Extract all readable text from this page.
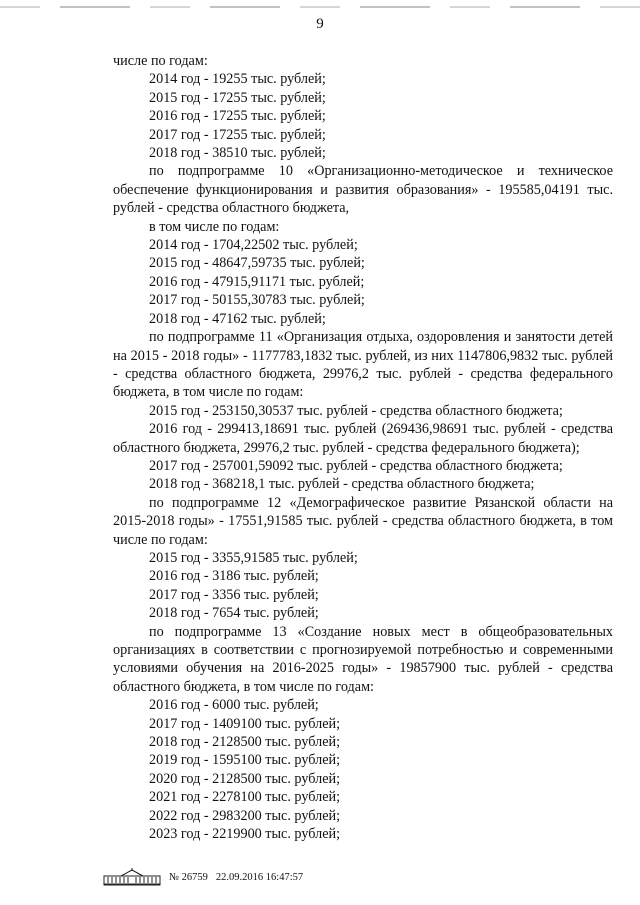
9

числе по годам:

2014 год - 19255 тыс. рублей;

2015 год - 17255 тыс. рублей;

2016 год - 17255 тыс. рублей;

2017 год - 17255 тыс. рублей;

2018 год - 38510 тыс. рублей;

по подпрограмме 10 «Организационно-методическое и техническое обеспечение функционирования и развития образования» - 195585,04191 тыс. рублей - средства областного бюджета,

в том числе по годам:

2014 год - 1704,22502 тыс. рублей;

2015 год - 48647,59735 тыс. рублей;

2016 год - 47915,91171 тыс. рублей;

2017 год - 50155,30783 тыс. рублей;

2018 год - 47162 тыс. рублей;

по подпрограмме 11 «Организация отдыха, оздоровления и занятости детей на 2015 - 2018 годы» - 1177783,1832 тыс. рублей, из них 1147806,9832 тыс. рублей - средства областного бюджета, 29976,2 тыс. рублей - средства федерального бюджета, в том числе по годам:

2015 год - 253150,30537 тыс. рублей - средства областного бюджета;

2016 год - 299413,18691 тыс. рублей (269436,98691 тыс. рублей - средства областного бюджета, 29976,2 тыс. рублей - средства федерального бюджета);

2017 год - 257001,59092 тыс. рублей - средства областного бюджета;

2018 год - 368218,1 тыс. рублей - средства областного бюджета;

по подпрограмме 12 «Демографическое развитие Рязанской области на 2015-2018 годы» - 17551,91585 тыс. рублей - средства областного бюджета, в том числе по годам:

2015 год - 3355,91585 тыс. рублей;

2016 год - 3186 тыс. рублей;

2017 год - 3356 тыс. рублей;

2018 год - 7654 тыс. рублей;

по подпрограмме 13 «Создание новых мест в общеобразовательных организациях в соответствии с прогнозируемой потребностью и современными условиями обучения на 2016-2025 годы» - 19857900 тыс. рублей - средства областного бюджета, в том числе по годам:

2016 год - 6000 тыс. рублей;

2017 год - 1409100 тыс. рублей;

2018 год - 2128500 тыс. рублей;

2019 год - 1595100 тыс. рублей;

2020 год - 2128500 тыс. рублей;

2021 год - 2278100 тыс. рублей;

2022 год - 2983200 тыс. рублей;

2023 год - 2219900 тыс. рублей;

№ 26759 22.09.2016 16:47:57
